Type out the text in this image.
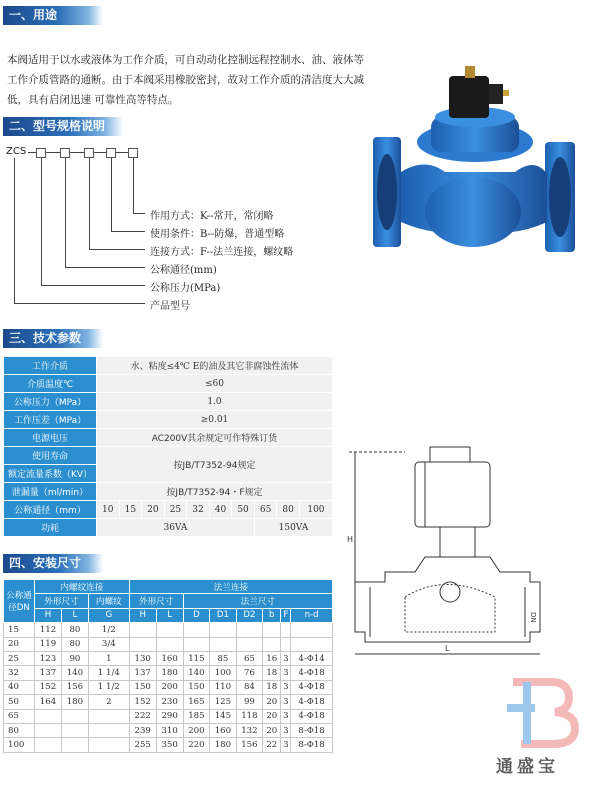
一、用途
本阀适用于以水或液体为工作介质，可自动动化控制远程控制水、油、液体等
工作介质管路的通断。由于本阀采用橡胶密封，故对工作介质的清洁度大大减
低，具有启闭迅速 可靠性高等特点。
二、型号规格说明
ZCS
作用方式：K--常开，常闭略
使用条件：B--防爆，普通型略
连接方式：F--法兰连接，螺纹略
公称通径(mm)
公称压力(MPa)
产品型号
三、技术参数
工作介质	水、粘度≤4℃ E的油及其它非腐蚀性流体									
介质温度℃	≤60									
公称压力（MPa）	1.0									
工作压差（MPa）	≥0.01									
电源电压	AC200V其余规定可作特殊订货									
使用寿命	按JB/T7352-94规定									
额定流量系数（KV）										
泄漏量（ml/min）	按JB/T7352-94・F规定									
公称通径（mm）	10	15	20	25	32	40	50	65	80	100
功耗	36VA							150VA		
四、安装尺寸
公称通径DN	内螺纹连接			法兰连接							
	外形尺寸		内螺纹	外形尺寸		法兰尺寸					
	H	L	G	H	L	D	D1	D2	b	F	n-d
15	112	80	1/2								
20	119	80	3/4								
25	123	90	1	130	160	115	85	65	16	3	4-Φ14
32	137	140	1 1/4	137	180	140	100	76	18	3	4-Φ18
40	152	156	1 1/2	150	200	150	110	84	18	3	4-Φ18
50	164	180	2	152	230	165	125	99	20	3	4-Φ18
65				222	290	185	145	118	20	3	4-Φ18
80				239	310	200	160	132	20	3	8-Φ18
100				255	350	220	180	156	22	3	8-Φ18
H
L
DN
通盛宝
